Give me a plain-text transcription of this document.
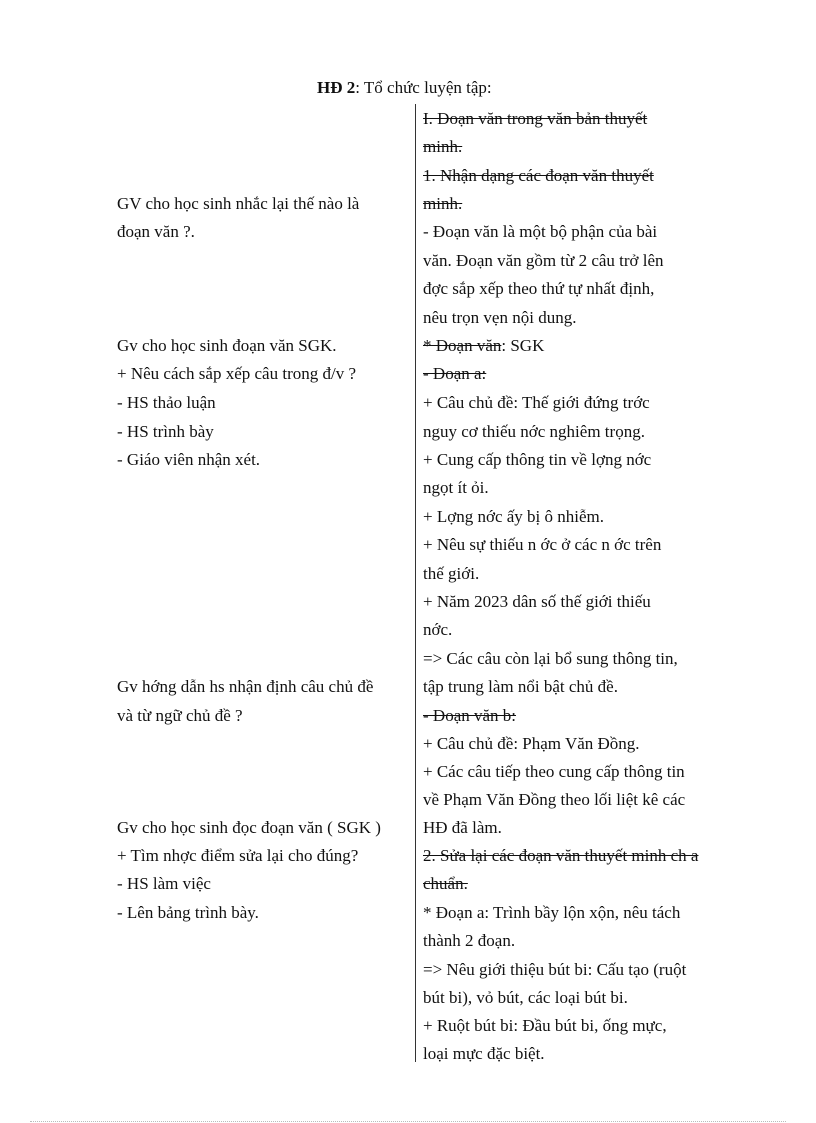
HĐ 2: Tổ chức luyện tập:
GV cho học sinh nhắc lại thế nào là
đoạn văn ?.
Gv cho học sinh đoạn văn SGK.
+ Nêu cách sắp xếp câu trong đ/v ?
- HS thảo luận
- HS trình bày
- Giáo viên nhận xét.
Gv hớng dẫn hs nhận định câu chủ đề
và từ ngữ chủ đề ?
Gv cho học sinh đọc đoạn văn ( SGK )
+ Tìm nhợc điểm sửa lại cho đúng?
- HS làm việc
- Lên bảng trình bày.
I. Đoạn văn trong văn bản thuyết
minh.
1. Nhận dạng các đoạn văn thuyết
minh.
- Đoạn văn là một bộ phận của bài
văn. Đoạn văn gồm từ 2 câu trở lên
đợc sắp xếp theo thứ tự nhất định,
nêu trọn vẹn nội dung.
* Đoạn văn: SGK
- Đoạn a:
+ Câu chủ đề: Thế giới đứng trớc
nguy cơ thiếu nớc nghiêm trọng.
+ Cung cấp thông tin về lợng nớc
ngọt ít ỏi.
+ Lợng nớc ấy bị ô nhiễm.
+ Nêu sự thiếu n ớc ở các n ớc trên
thế giới.
+ Năm 2023 dân số thế giới thiếu
nớc.
=> Các câu còn lại bổ sung thông tin,
tập trung làm nổi bật chủ đề.
- Đoạn văn b:
+ Câu chủ đề: Phạm Văn Đồng.
+ Các câu tiếp theo cung cấp thông tin
về Phạm Văn Đồng theo lối liệt kê các
HĐ đã làm.
2. Sửa lại các đoạn văn thuyết minh ch a
chuẩn.
* Đoạn a: Trình bầy lộn xộn, nêu tách
thành 2 đoạn.
=> Nêu giới thiệu bút bi: Cấu tạo (ruột
bút bi), vỏ bút, các loại bút bi.
+ Ruột bút bi: Đầu bút bi, ống mực,
loại mực đặc biệt.
